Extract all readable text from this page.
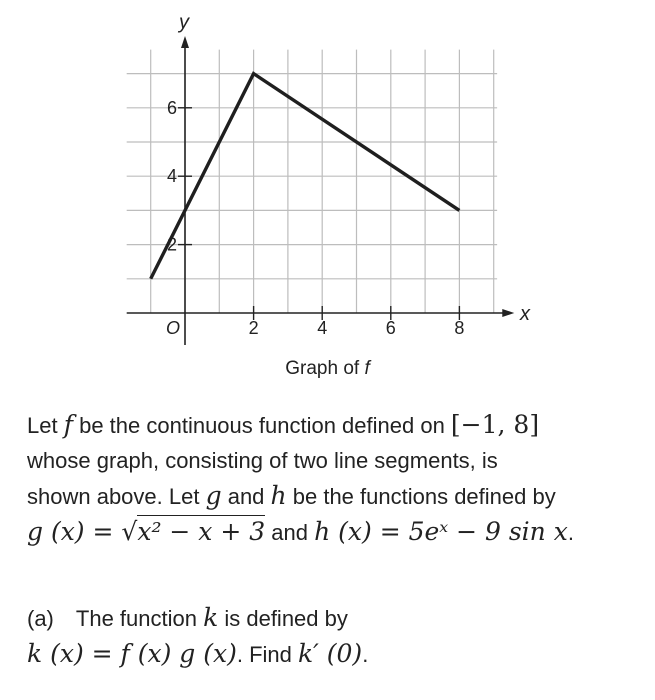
x
y
O	2	4	6	8
2
4
6
Graph of f
Let f be the continuous function defined on [−1, 8]
whose graph, consisting of two line segments, is
shown above. Let g and h be the functions defined by
g (x) = √x² − x + 3 and h (x) = 5eˣ − 9 sin x.
(a) The function k is defined by
k (x) = f (x) g (x). Find k′ (0).
